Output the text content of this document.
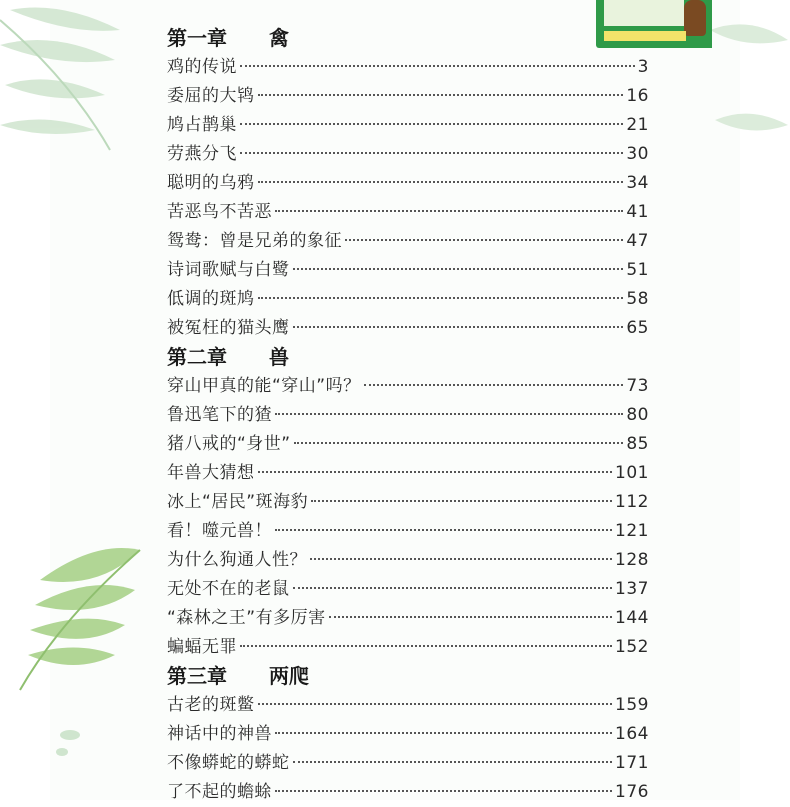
第一章 禽
鸡的传说	3
委屈的大鸨	16
鸠占鹊巢	21
劳燕分飞	30
聪明的乌鸦	34
苦恶鸟不苦恶	41
鸳鸯：曾是兄弟的象征	47
诗词歌赋与白鹭	51
低调的斑鸠	58
被冤枉的猫头鹰	65
第二章 兽
穿山甲真的能“穿山”吗？	73
鲁迅笔下的猹	80
猪八戒的“身世”	85
年兽大猜想	101
冰上“居民”斑海豹	112
看！噬元兽！	121
为什么狗通人性？	128
无处不在的老鼠	137
“森林之王”有多厉害	144
蝙蝠无罪	152
第三章 两爬
古老的斑鳖	159
神话中的神兽	164
不像蟒蛇的蟒蛇	171
了不起的蟾蜍	176
